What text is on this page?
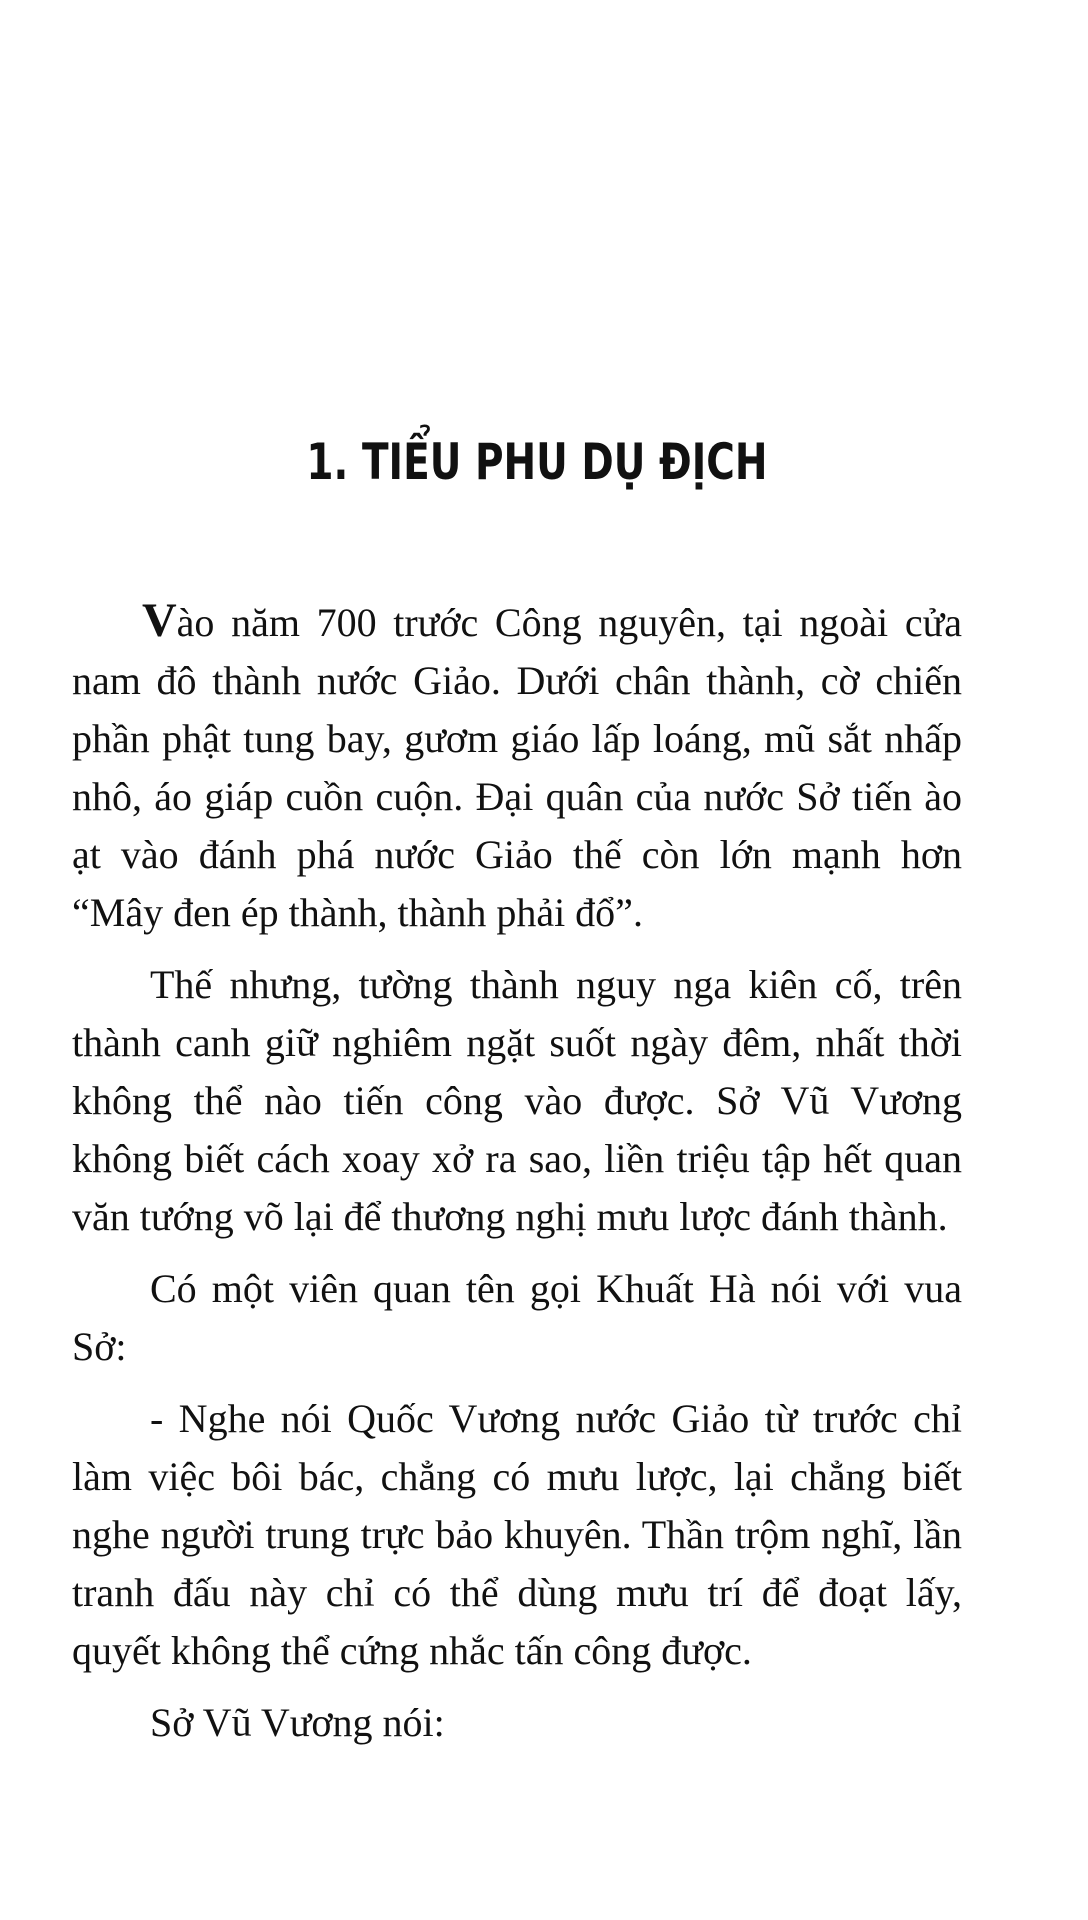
1. TIỂU PHU DỤ ĐỊCH

Vào năm 700 trước Công nguyên, tại ngoài cửa nam đô thành nước Giảo. Dưới chân thành, cờ chiến phần phật tung bay, gươm giáo lấp loáng, mũ sắt nhấp nhô, áo giáp cuồn cuộn. Đại quân của nước Sở tiến ào ạt vào đánh phá nước Giảo thế còn lớn mạnh hơn “Mây đen ép thành, thành phải đổ”.

Thế nhưng, tường thành nguy nga kiên cố, trên thành canh giữ nghiêm ngặt suốt ngày đêm, nhất thời không thể nào tiến công vào được. Sở Vũ Vương không biết cách xoay xở ra sao, liền triệu tập hết quan văn tướng võ lại để thương nghị mưu lược đánh thành.

Có một viên quan tên gọi Khuất Hà nói với vua Sở:

- Nghe nói Quốc Vương nước Giảo từ trước chỉ làm việc bôi bác, chẳng có mưu lược, lại chẳng biết nghe người trung trực bảo khuyên. Thần trộm nghĩ, lần tranh đấu này chỉ có thể dùng mưu trí để đoạt lấy, quyết không thể cứng nhắc tấn công được.

Sở Vũ Vương nói:
